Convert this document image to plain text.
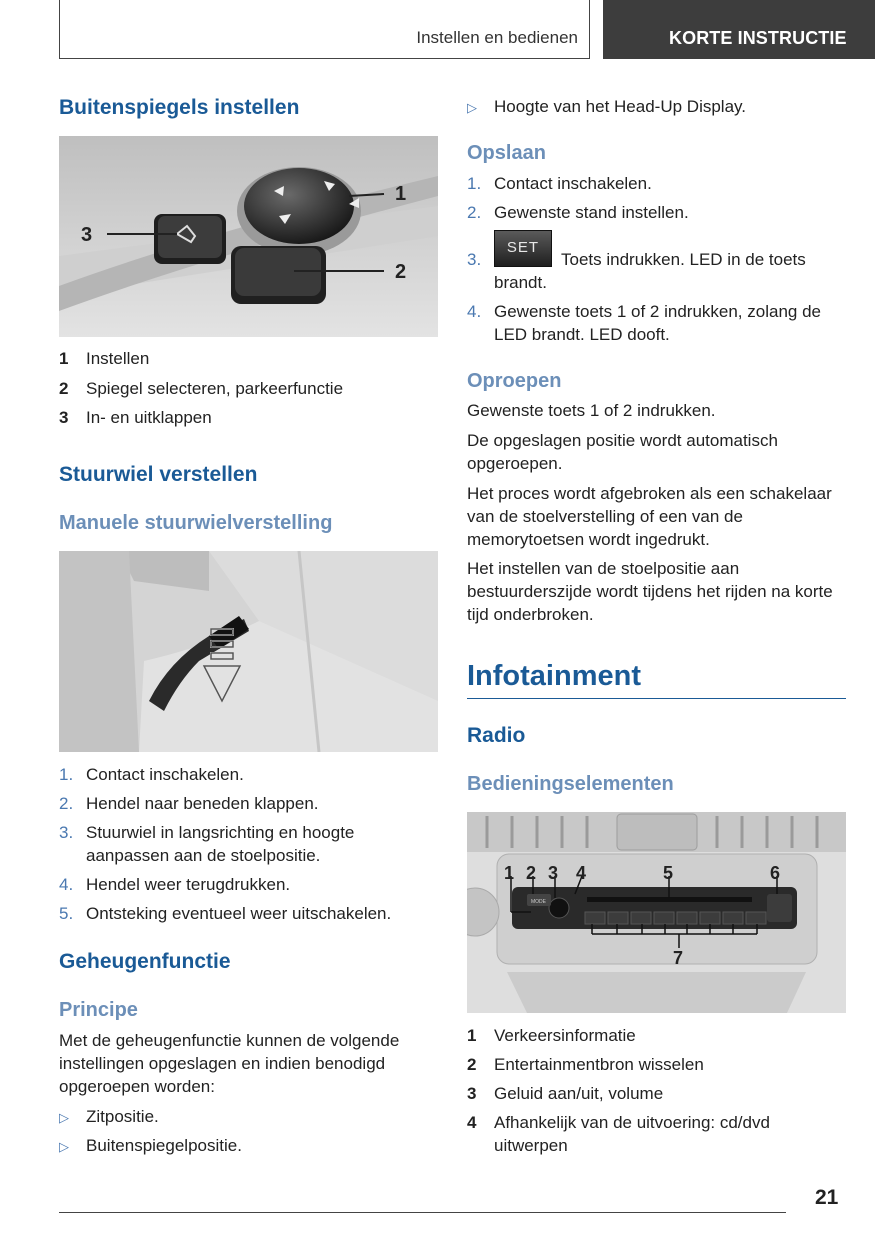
Instellen en bedienen	KORTE INSTRUCTIE
Buitenspiegels instellen
1
2
3
1	Instellen
2	Spiegel selecteren, parkeerfunctie
3	In- en uitklappen
Stuurwiel verstellen
Manuele stuurwielverstelling
1. Contact inschakelen.
2. Hendel naar beneden klappen.
3. Stuurwiel in langsrichting en hoogte aanpassen aan de stoelpositie.
4. Hendel weer terugdrukken.
5. Ontsteking eventueel weer uitschakelen.
Geheugenfunctie
Principe
Met de geheugenfunctie kunnen de volgende instellingen opgeslagen en indien benodigd opgeroepen worden:
▷	Zitpositie.
▷	Buitenspiegelpositie.
▷	Hoogte van het Head-Up Display.
Opslaan
1. Contact inschakelen.
2. Gewenste stand instellen.
3.
SET
Toets indrukken. LED in de toets brandt.
4. Gewenste toets 1 of 2 indrukken, zolang de LED brandt. LED dooft.
Oproepen
Gewenste toets 1 of 2 indrukken.
De opgeslagen positie wordt automatisch opgeroepen.
Het proces wordt afgebroken als een schakelaar van de stoelverstelling of een van de memorytoetsen wordt ingedrukt.
Het instellen van de stoelpositie aan bestuurderszijde wordt tijdens het rijden na korte tijd onderbroken.
Infotainment
Radio
Bedieningselementen
MODE
1 2 3 4	5	6
7
1	Verkeersinformatie
2	Entertainmentbron wisselen
3	Geluid aan/uit, volume
4	Afhankelijk van de uitvoering: cd/dvd uitwerpen
21
